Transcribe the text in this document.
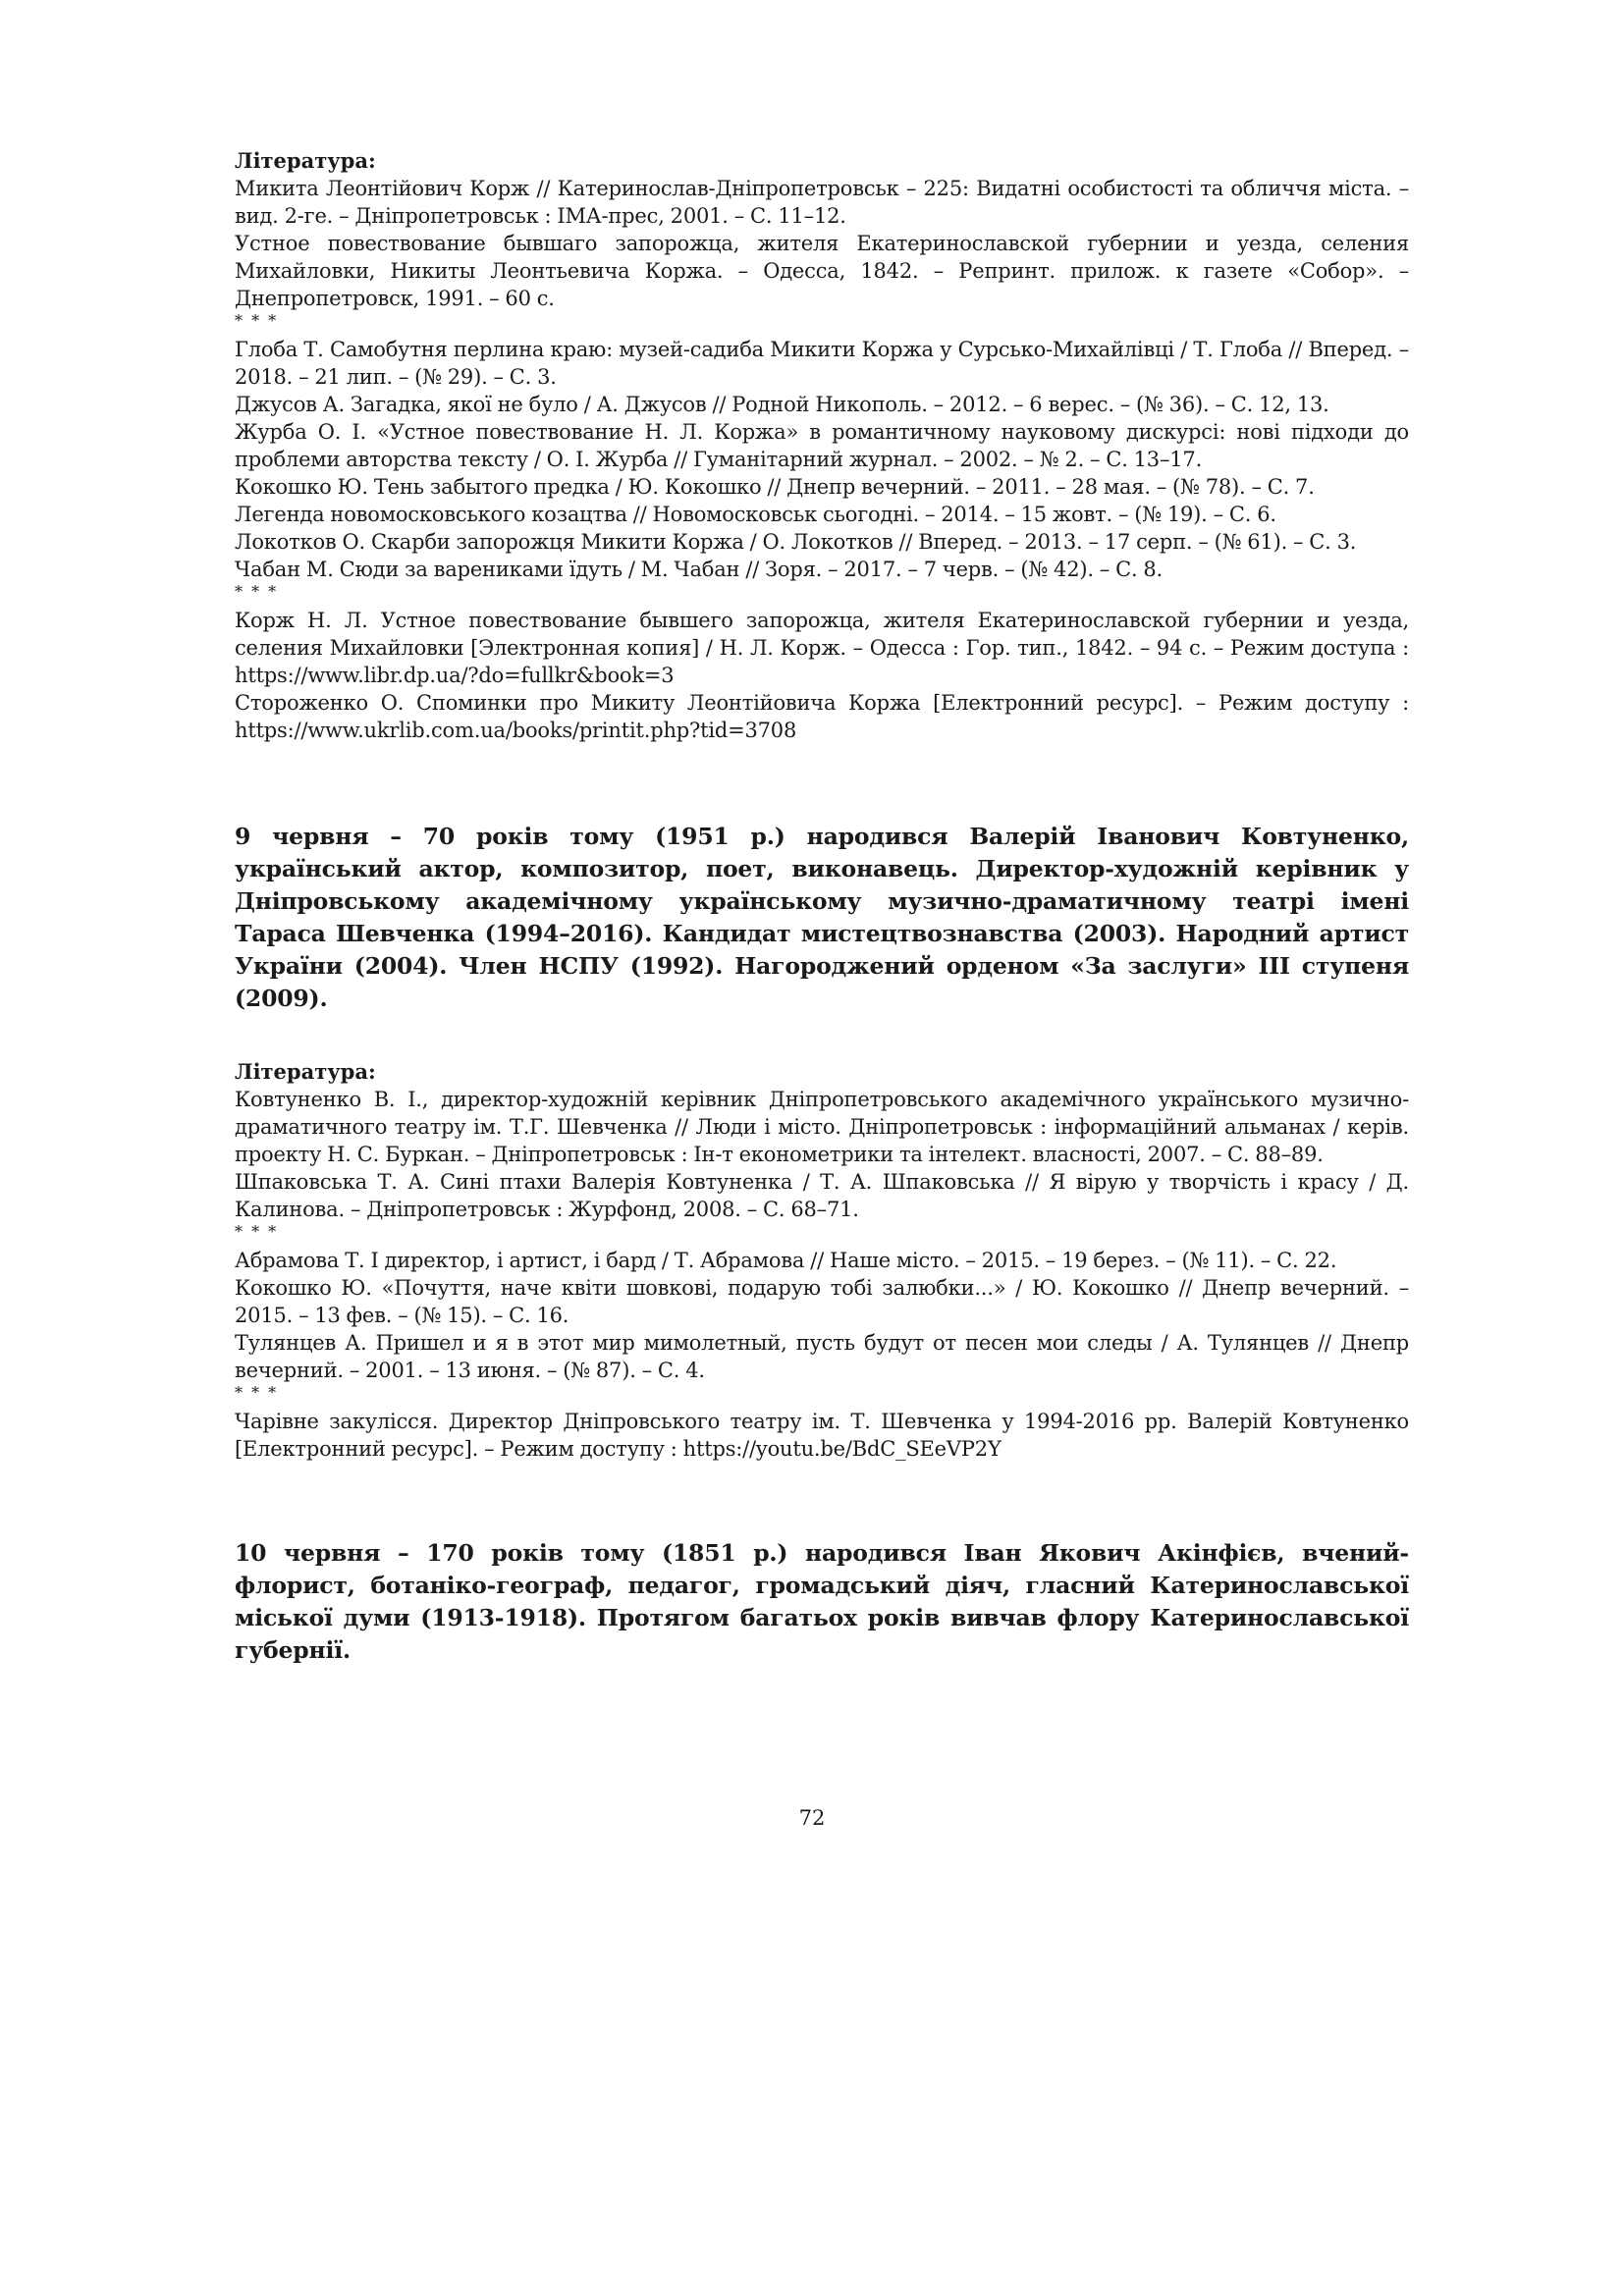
Література:

Микита Леонтійович Корж // Катеринослав-Дніпропетровськ – 225: Видатні особистості та обличчя міста. – вид. 2-ге. – Дніпропетровськ : ІМА-прес, 2001. – С. 11–12.

Устное повествование бывшаго запорожца, жителя Екатеринославской губернии и уезда, селения Михайловки, Никиты Леонтьевича Коржа. – Одесса, 1842. – Репринт. прилож. к газете «Собор». – Днепропетровск, 1991. – 60 с.

* * *

Глоба Т. Самобутня перлина краю: музей-садиба Микити Коржа у Сурсько-Михайлівці / Т. Глоба // Вперед. – 2018. – 21 лип. – (№ 29). – С. 3.

Джусов А. Загадка, якої не було / А. Джусов // Родной Никополь. – 2012. – 6 верес. – (№ 36). – С. 12, 13.

Журба О. І. «Устное повествование Н. Л. Коржа» в романтичному науковому дискурсі: нові підходи до проблеми авторства тексту / О. І. Журба // Гуманітарний журнал. – 2002. – № 2. – С. 13–17.

Кокошко Ю. Тень забытого предка / Ю. Кокошко // Днепр вечерний. – 2011. – 28 мая. – (№ 78). – С. 7.

Легенда новомосковського козацтва // Новомосковськ сьогодні. – 2014. – 15 жовт. – (№ 19). – С. 6.

Локотков О. Скарби запорожця Микити Коржа / О. Локотков // Вперед. – 2013. – 17 серп. – (№ 61). – С. 3.

Чабан М. Сюди за варениками їдуть / М. Чабан // Зоря. – 2017. – 7 черв. – (№ 42). – С. 8.

* * *

Корж Н. Л. Устное повествование бывшего запорожца, жителя Екатеринославской губернии и уезда, селения Михайловки [Электронная копия] / Н. Л. Корж. – Одесса : Гор. тип., 1842. – 94 с. – Режим доступа : https://www.libr.dp.ua/?do=fullkr&book=3

Стороженко О. Споминки про Микиту Леонтійовича Коржа [Електронний ресурс]. – Режим доступу : https://www.ukrlib.com.ua/books/printit.php?tid=3708

9 червня – 70 років тому (1951 р.) народився Валерій Іванович Ковтуненко, український актор, композитор, поет, виконавець. Директор-художній керівник у Дніпровському академічному українському музично-драматичному театрі імені Тараса Шевченка (1994–2016). Кандидат мистецтвознавства (2003). Народний артист України (2004). Член НСПУ (1992). Нагороджений орденом «За заслуги» ІІІ ступеня (2009).

Література:

Ковтуненко В. І., директор-художній керівник Дніпропетровського академічного українського музично-драматичного театру ім. Т.Г. Шевченка // Люди і місто. Дніпропетровськ : інформаційний альманах / керів. проекту Н. С. Буркан. – Дніпропетровськ : Ін-т економетрики та інтелект. власності, 2007. – С. 88–89.

Шпаковська Т. А. Сині птахи Валерія Ковтуненка / Т. А. Шпаковська // Я вірую у творчість і красу / Д. Калинова. – Дніпропетровськ : Журфонд, 2008. – С. 68–71.

* * *

Абрамова Т. І директор, і артист, і бард / Т. Абрамова // Наше місто. – 2015. – 19 берез. – (№ 11). – С. 22.

Кокошко Ю. «Почуття, наче квіти шовкові, подарую тобі залюбки...» / Ю. Кокошко // Днепр вечерний. – 2015. – 13 фев. – (№ 15). – С. 16.

Тулянцев А. Пришел и я в этот мир мимолетный, пусть будут от песен мои следы / А. Тулянцев // Днепр вечерний. – 2001. – 13 июня. – (№ 87). – С. 4.

* * *

Чарівне закулісся. Директор Дніпровського театру ім. Т. Шевченка у 1994-2016 рр. Валерій Ковтуненко [Електронний ресурс]. – Режим доступу : https://youtu.be/BdC_SEeVP2Y

10 червня – 170 років тому (1851 р.) народився Іван Якович Акінфієв, вчений-флорист, ботаніко-географ, педагог, громадський діяч, гласний Катеринославської міської думи (1913-1918). Протягом багатьох років вивчав флору Катеринославської губернії.

72
